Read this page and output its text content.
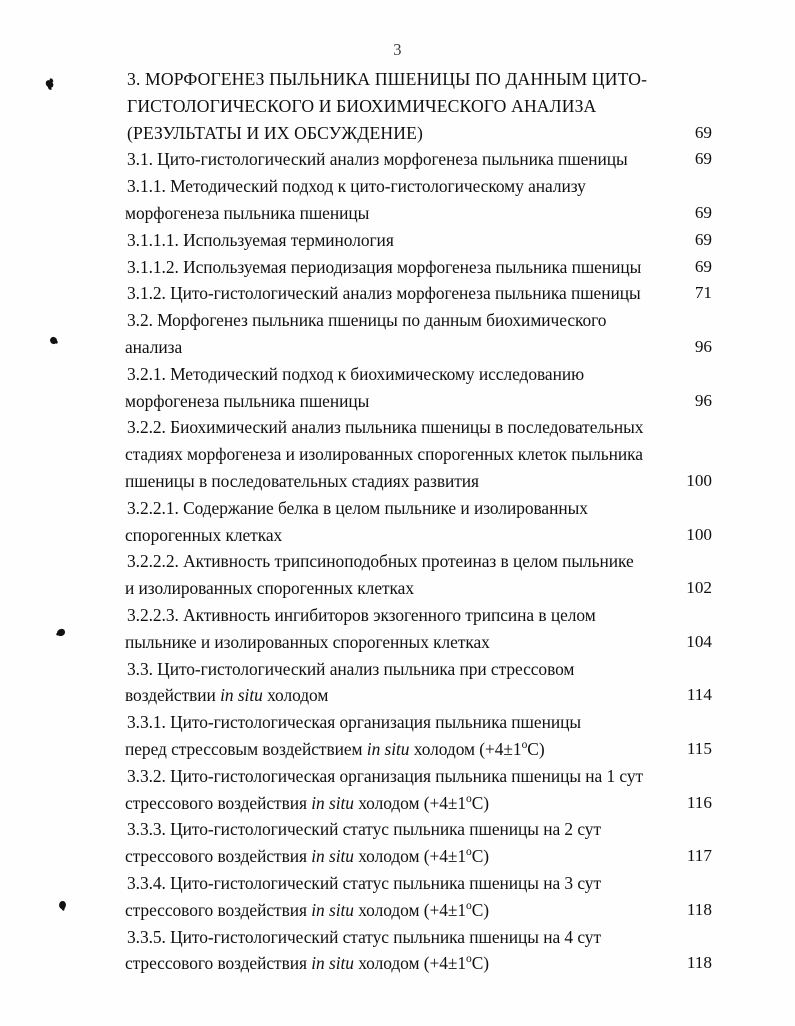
3
3. МОРФОГЕНЕЗ ПЫЛЬНИКА ПШЕНИЦЫ ПО ДАННЫМ ЦИТО-
ГИСТОЛОГИЧЕСКОГО И БИОХИМИЧЕСКОГО АНАЛИЗА
(РЕЗУЛЬТАТЫ И ИХ ОБСУЖДЕНИЕ)	69
3.1. Цито-гистологический анализ морфогенеза пыльника пшеницы	69
3.1.1. Методический подход к цито-гистологическому анализу
морфогенеза пыльника пшеницы	69
3.1.1.1. Используемая терминология	69
3.1.1.2. Используемая периодизация морфогенеза пыльника пшеницы	69
3.1.2. Цито-гистологический анализ морфогенеза пыльника пшеницы	71
3.2. Морфогенез пыльника пшеницы по данным биохимического
анализа	96
3.2.1. Методический подход к биохимическому исследованию
морфогенеза пыльника пшеницы	96
3.2.2. Биохимический анализ пыльника пшеницы в последовательных
стадиях морфогенеза и изолированных спорогенных клеток пыльника
пшеницы в последовательных стадиях развития	100
3.2.2.1. Содержание белка в целом пыльнике и изолированных
спорогенных клетках	100
3.2.2.2. Активность трипсиноподобных протеиназ в целом пыльнике
и изолированных спорогенных клетках	102
3.2.2.3. Активность ингибиторов экзогенного трипсина в целом
пыльнике и изолированных спорогенных клетках	104
3.3. Цито-гистологический анализ пыльника при стрессовом
воздействии in situ холодом	114
3.3.1. Цито-гистологическая организация пыльника пшеницы
перед стрессовым воздействием in situ холодом $(+4\pm 1^oC)$	115
3.3.2. Цито-гистологическая организация пыльника пшеницы на 1 сут
стрессового воздействия in situ холодом $(+4\pm 1^oC)$	116
3.3.3. Цито-гистологический статус пыльника пшеницы на 2 сут
стрессового воздействия in situ холодом $(+4\pm 1^oC)$	117
3.3.4. Цито-гистологический статус пыльника пшеницы на 3 сут
стрессового воздействия in situ холодом $(+4\pm 1^oC)$	118
3.3.5. Цито-гистологический статус пыльника пшеницы на 4 сут
стрессового воздействия in situ холодом $(+4\pm 1^oC)$	118
